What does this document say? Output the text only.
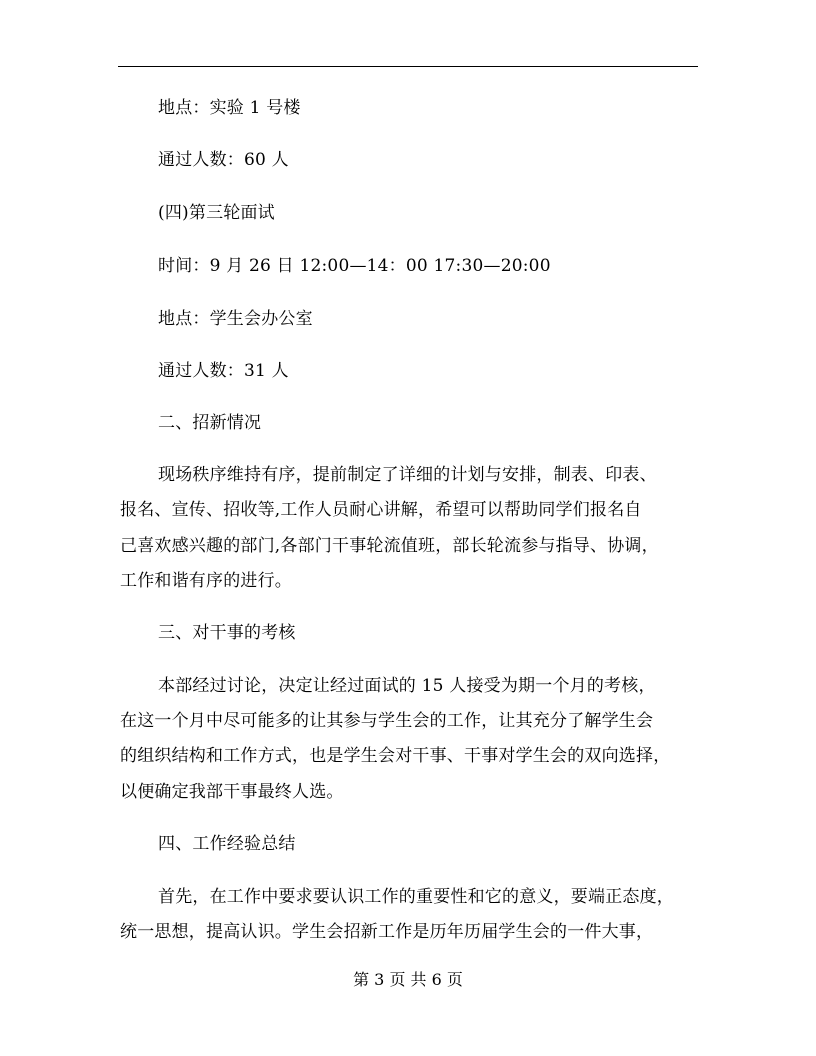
地点：实验 1 号楼
通过人数：60 人
(四)第三轮面试
时间：9 月 26 日 12:00—14：00 17:30—20:00
地点：学生会办公室
通过人数：31 人
二、招新情况
现场秩序维持有序，提前制定了详细的计划与安排，制表、印表、
报名、宣传、招收等,工作人员耐心讲解，希望可以帮助同学们报名自
己喜欢感兴趣的部门,各部门干事轮流值班，部长轮流参与指导、协调，
工作和谐有序的进行。
三、对干事的考核
本部经过讨论，决定让经过面试的 15 人接受为期一个月的考核，
在这一个月中尽可能多的让其参与学生会的工作，让其充分了解学生会
的组织结构和工作方式，也是学生会对干事、干事对学生会的双向选择，
以便确定我部干事最终人选。
四、工作经验总结
首先，在工作中要求要认识工作的重要性和它的意义，要端正态度，
统一思想，提高认识。学生会招新工作是历年历届学生会的一件大事，
第 3 页 共 6 页
